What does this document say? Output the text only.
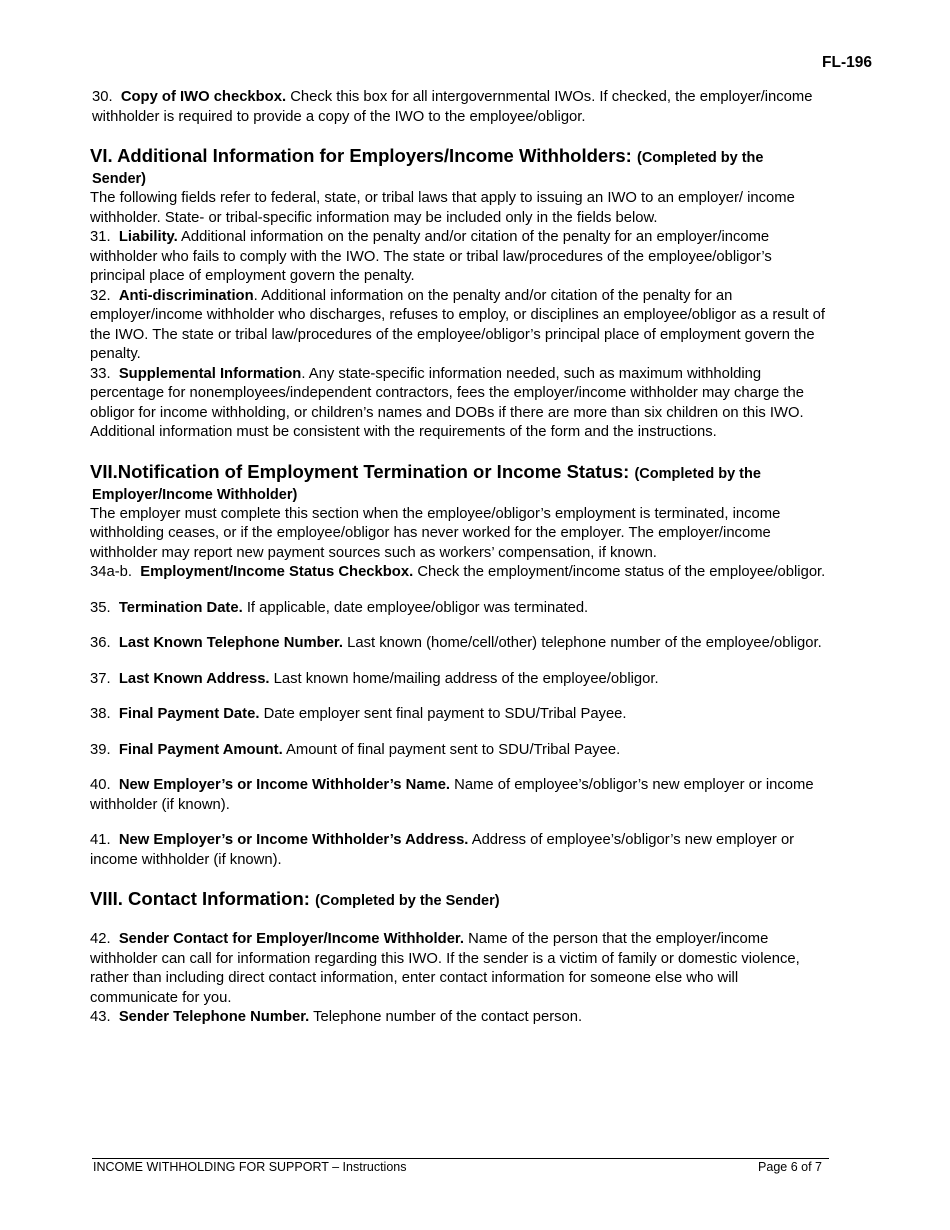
FL-196

30. Copy of IWO checkbox. Check this box for all intergovernmental IWOs. If checked, the employer/income withholder is required to provide a copy of the IWO to the employee/obligor.

VI. Additional Information for Employers/Income Withholders: (Completed by the
Sender)

The following fields refer to federal, state, or tribal laws that apply to issuing an IWO to an employer/ income withholder. State- or tribal-specific information may be included only in the fields below.

31. Liability. Additional information on the penalty and/or citation of the penalty for an employer/income withholder who fails to comply with the IWO. The state or tribal law/procedures of the employee/obligor’s principal place of employment govern the penalty.

32. Anti-discrimination. Additional information on the penalty and/or citation of the penalty for an employer/income withholder who discharges, refuses to employ, or disciplines an employee/obligor as a result of the IWO. The state or tribal law/procedures of the employee/obligor’s principal place of employment govern the penalty.

33. Supplemental Information. Any state-specific information needed, such as maximum withholding percentage for nonemployees/independent contractors, fees the employer/income withholder may charge the obligor for income withholding, or children’s names and DOBs if there are more than six children on this IWO. Additional information must be consistent with the requirements of the form and the instructions.

VII.Notification of Employment Termination or Income Status: (Completed by the
Employer/Income Withholder)

The employer must complete this section when the employee/obligor’s employment is terminated, income withholding ceases, or if the employee/obligor has never worked for the employer. The employer/income withholder may report new payment sources such as workers’ compensation, if known.

34a-b. Employment/Income Status Checkbox. Check the employment/income status of the employee/obligor.

35. Termination Date. If applicable, date employee/obligor was terminated.

36. Last Known Telephone Number. Last known (home/cell/other) telephone number of the employee/obligor.

37. Last Known Address. Last known home/mailing address of the employee/obligor.

38. Final Payment Date. Date employer sent final payment to SDU/Tribal Payee.

39. Final Payment Amount. Amount of final payment sent to SDU/Tribal Payee.

40. New Employer’s or Income Withholder’s Name. Name of employee’s/obligor’s new employer or income withholder (if known).

41. New Employer’s or Income Withholder’s Address. Address of employee’s/obligor’s new employer or income withholder (if known).

VIII. Contact Information: (Completed by the Sender)

42. Sender Contact for Employer/Income Withholder. Name of the person that the employer/income withholder can call for information regarding this IWO. If the sender is a victim of family or domestic violence, rather than including direct contact information, enter contact information for someone else who will communicate for you.

43. Sender Telephone Number. Telephone number of the contact person.

INCOME WITHHOLDING FOR SUPPORT – Instructions	Page 6 of 7
